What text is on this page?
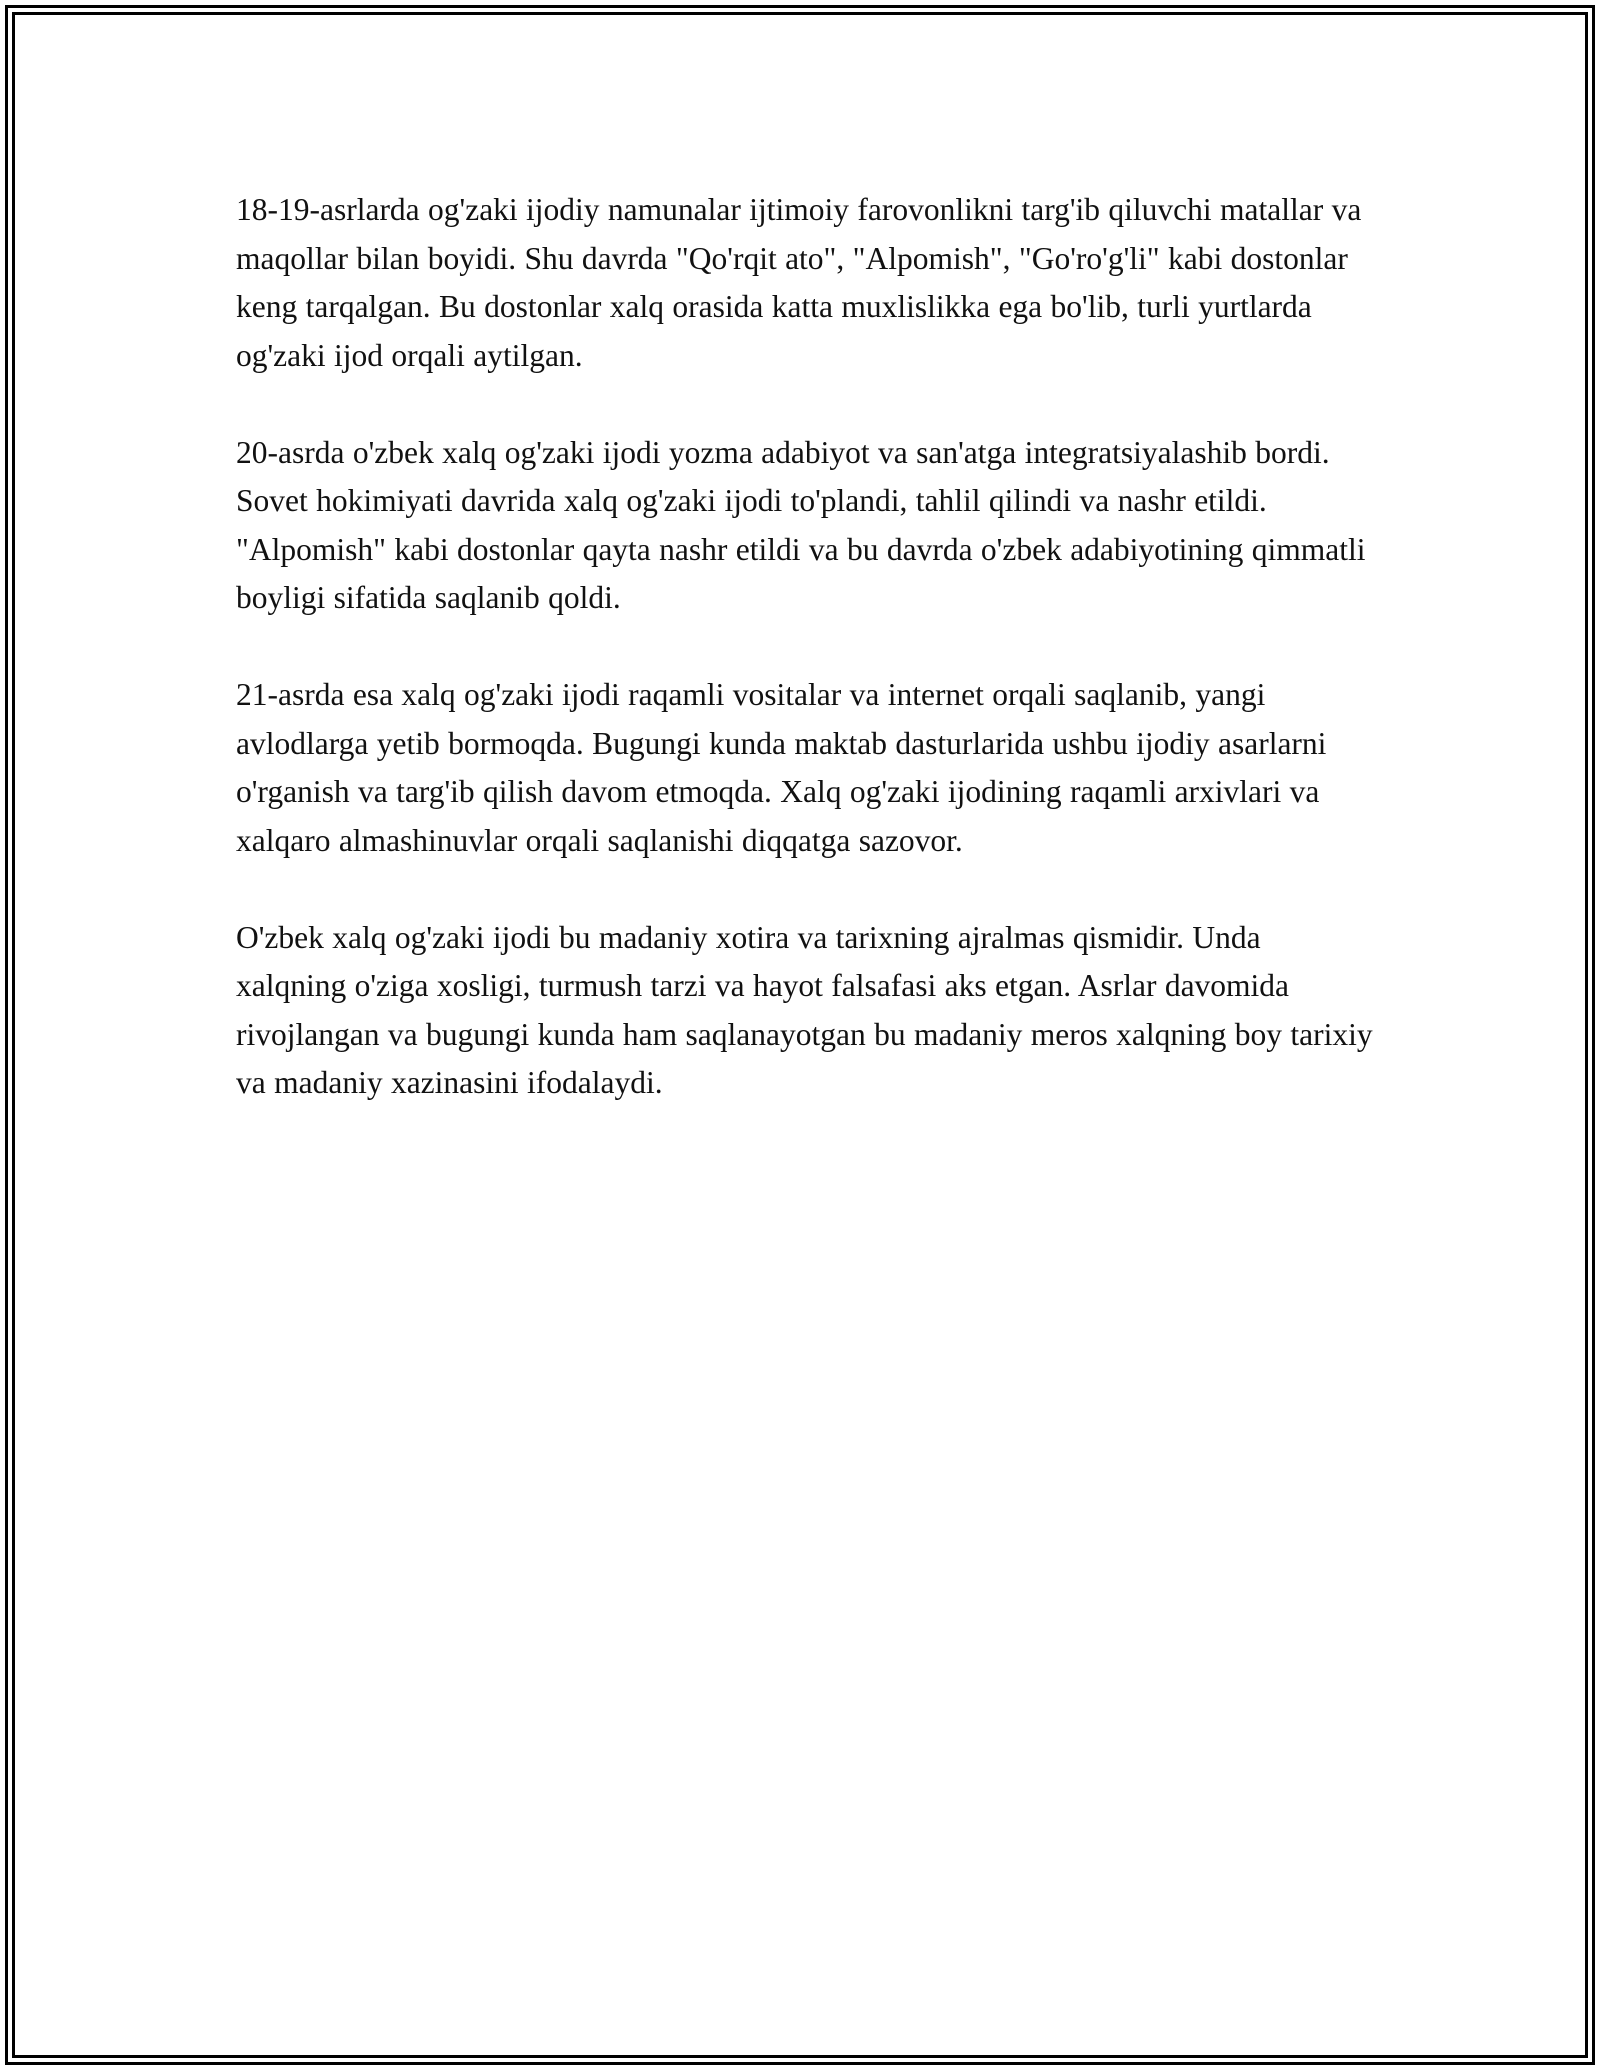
18-19-asrlarda og'zaki ijodiy namunalar ijtimoiy farovonlikni targ'ib qiluvchi matallar va maqollar bilan boyidi. Shu davrda "Qo'rqit ato", "Alpomish", "Go'ro'g'li" kabi dostonlar keng tarqalgan. Bu dostonlar xalq orasida katta muxlislikka ega bo'lib, turli yurtlarda og'zaki ijod orqali aytilgan.

20-asrda o'zbek xalq og'zaki ijodi yozma adabiyot va san'atga integratsiyalashib bordi. Sovet hokimiyati davrida xalq og'zaki ijodi to'plandi, tahlil qilindi va nashr etildi. "Alpomish" kabi dostonlar qayta nashr etildi va bu davrda o'zbek adabiyotining qimmatli boyligi sifatida saqlanib qoldi.

21-asrda esa xalq og'zaki ijodi raqamli vositalar va internet orqali saqlanib, yangi avlodlarga yetib bormoqda. Bugungi kunda maktab dasturlarida ushbu ijodiy asarlarni o'rganish va targ'ib qilish davom etmoqda. Xalq og'zaki ijodining raqamli arxivlari va xalqaro almashinuvlar orqali saqlanishi diqqatga sazovor.

O'zbek xalq og'zaki ijodi bu madaniy xotira va tarixning ajralmas qismidir. Unda xalqning o'ziga xosligi, turmush tarzi va hayot falsafasi aks etgan. Asrlar davomida rivojlangan va bugungi kunda ham saqlanayotgan bu madaniy meros xalqning boy tarixiy va madaniy xazinasini ifodalaydi.
